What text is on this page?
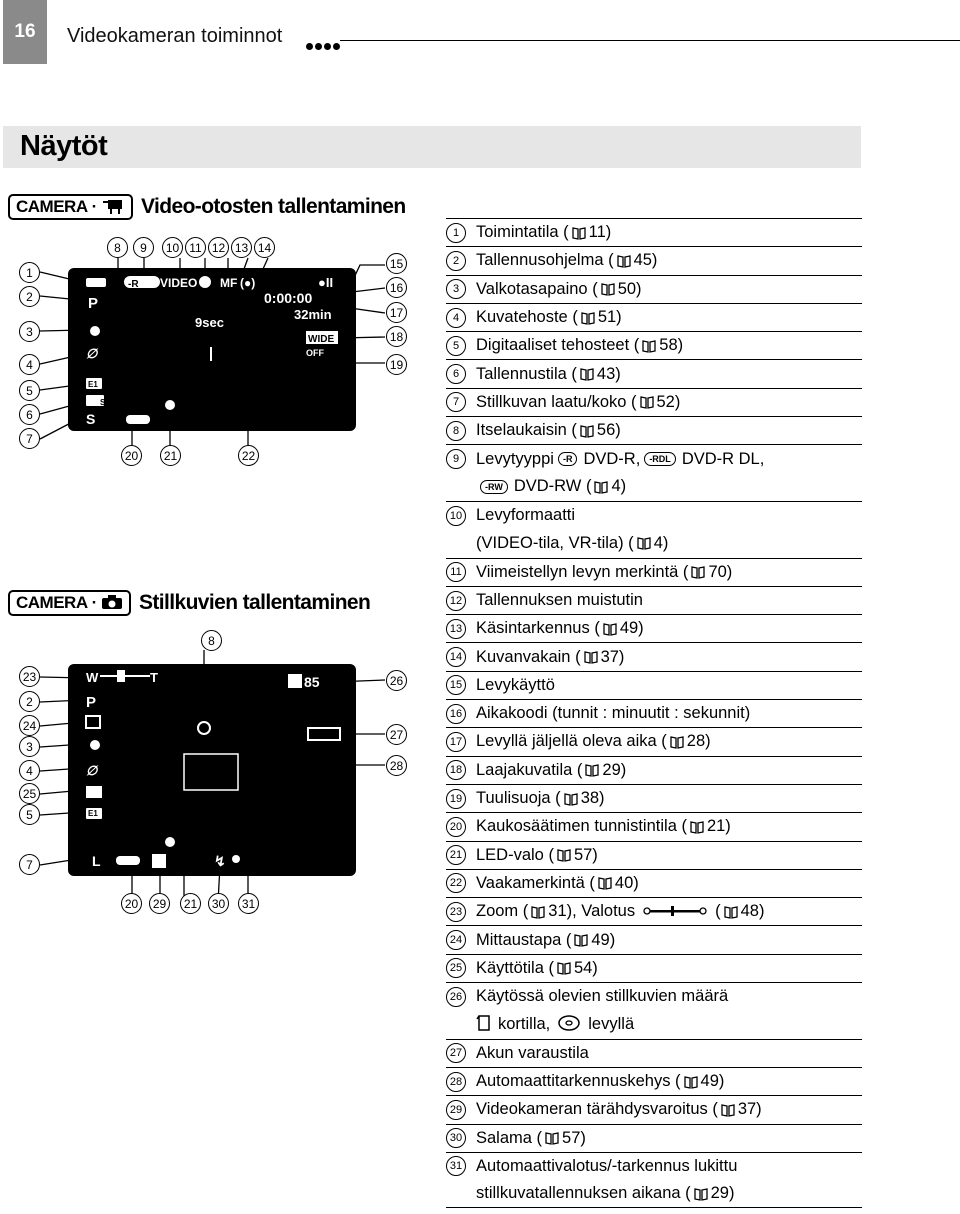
16	Videokameran toiminnot
Näytöt
CAMERA ·	Video-otosten tallentaminen
P
∅
S
VIDEO MF (●)
9sec
●II
0:00:00
32min
WIDE
OFF
SP
E1
-R
1
2
3
4
5
6
7
8	9	10 11 12 13 14
15
16
17
18
19
20	21	22
CAMERA ·	Stillkuvien tallentaminen
W	T
P
∅
L
85
↯
E1
8
23
2
24
3
4
25
5
7
26
27
28
20	29	21	30	31
1	Toimintatila ( 11)
2	Tallennusohjelma ( 45)
3	Valkotasapaino ( 50)
4	Kuvatehoste ( 51)
5	Digitaaliset tehosteet ( 58)
6	Tallennustila ( 43)
7	Stillkuvan laatu/koko ( 52)
8	Itselaukaisin ( 56)
9	Levytyyppi	-R DVD-R,	-RDL DVD-R DL,
-RW DVD-RW ( 4)
10 Levyformaatti
(VIDEO-tila, VR-tila) ( 4)
11 Viimeistellyn levyn merkintä ( 70)
12 Tallennuksen muistutin
13 Käsintarkennus ( 49)
14 Kuvanvakain ( 37)
15 Levykäyttö
16 Aikakoodi (tunnit : minuutit : sekunnit)
17 Levyllä jäljellä oleva aika ( 28)
18 Laajakuvatila ( 29)
19 Tuulisuoja ( 38)
20 Kaukosäätimen tunnistintila ( 21)
21 LED-valo ( 57)
22 Vaakamerkintä ( 40)
23 Zoom ( 31), Valotus	( 48)
24 Mittaustapa ( 49)
25 Käyttötila ( 54)
26 Käytössä olevien stillkuvien määrä
kortilla, levyllä
27 Akun varaustila
28 Automaattitarkennuskehys ( 49)
29 Videokameran tärähdysvaroitus ( 37)
30 Salama ( 57)
31 Automaattivalotus/-tarkennus lukittu
stillkuvatallennuksen aikana ( 29)
